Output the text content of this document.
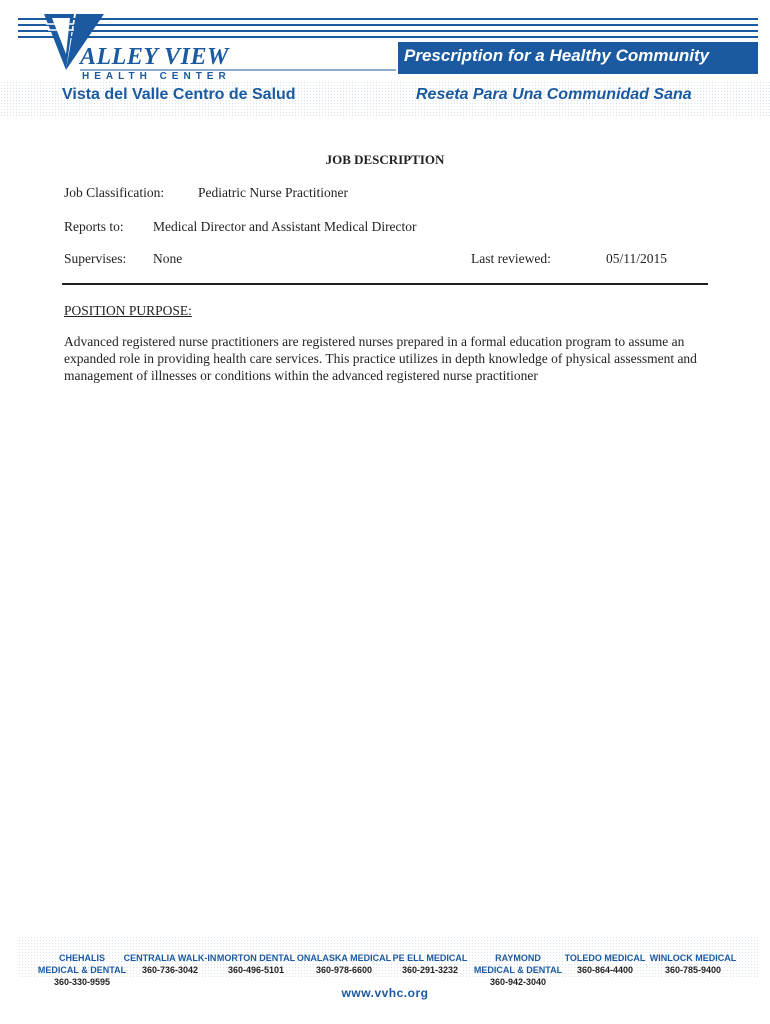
ALLEY VIEW
HEALTH CENTER
Vista del Valle Centro de Salud
Prescription for a Healthy Community
Reseta Para Una Communidad Sana
JOB DESCRIPTION
Job Classification:	Pediatric Nurse Practitioner
Reports to: Medical Director and Assistant Medical Director
Supervises: None	Last reviewed:	05/11/2015
POSITION PURPOSE:
Advanced registered nurse practitioners are registered nurses prepared in a formal education program to assume an expanded role in providing health care services. This practice utilizes in depth knowledge of physical assessment and management of illnesses or conditions within the advanced registered nurse practitioner
CHEHALIS
MEDICAL & DENTAL
360-330-9595
CENTRALIA WALK-IN
360-736-3042
MORTON DENTAL
360-496-5101
ONALASKA MEDICAL
360-978-6600
PE ELL MEDICAL
360-291-3232
RAYMOND
MEDICAL & DENTAL
360-942-3040
TOLEDO MEDICAL
360-864-4400
WINLOCK MEDICAL
360-785-9400
www.vvhc.org
